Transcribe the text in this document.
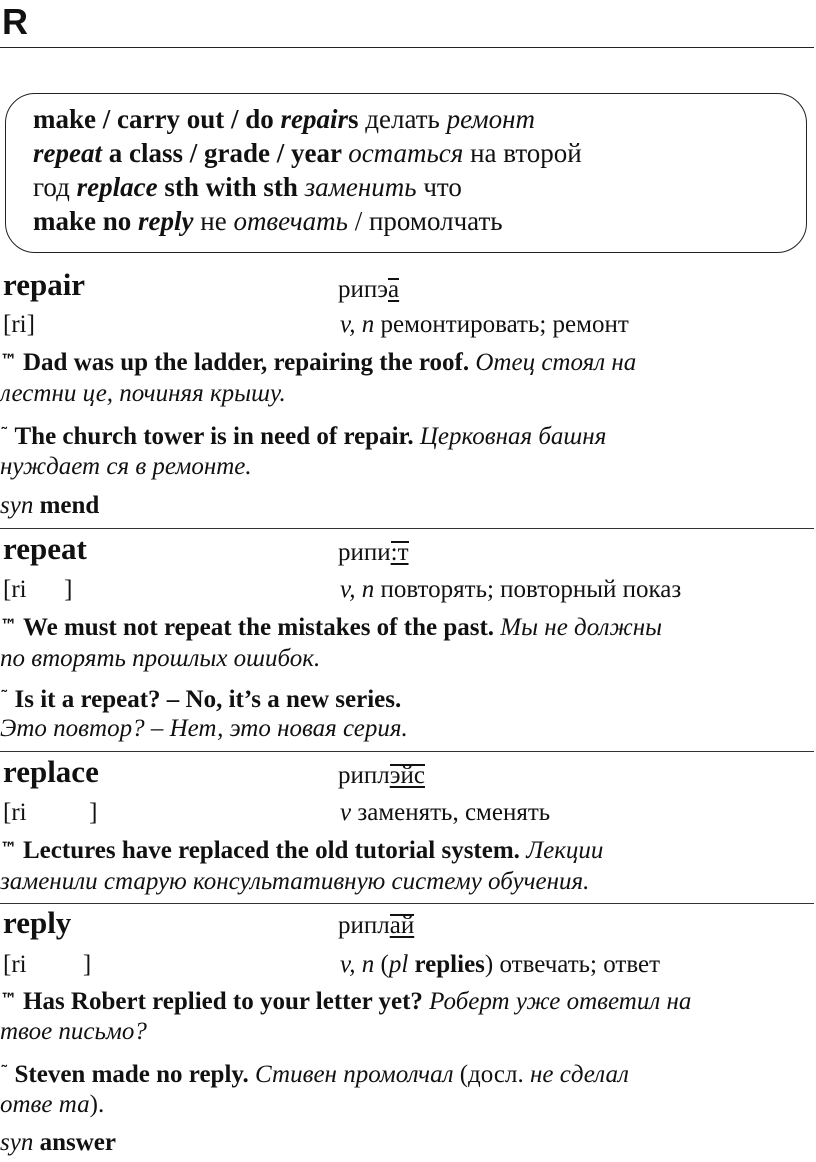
R
make / carry out / do repairs делать ремонт
repeat a class / grade / year остаться на второй
год replace sth with sth заменить что
make no reply не отвечать / промолчать
repair	рипэа
[ri]	v, n ремонтировать; ремонт
™ Dad was up the ladder, repairing the roof. Отец стоял на
лестни це, починяя крышу.
˜ The church tower is in need of repair. Церковная башня
нуждает ся в ремонте.
syn mend
repeat	рипи:т
[ri      ]	v, n повторять; повторный показ
™ We must not repeat the mistakes of the past. Мы не должны
по вторять прошлых ошибок.
˜ Is it a repeat? – No, it’s a new series.
Это повтор? – Нет, это новая серия.
replace	риплэйс
[ri          ]	v заменять, сменять
™ Lectures have replaced the old tutorial system. Лекции
заменили старую консультативную систему обучения.
reply	риплай
[ri         ]	v, n (pl replies) отвечать; ответ
™ Has Robert replied to your letter yet? Роберт уже ответил на
твое письмо?
˜ Steven made no reply. Стивен промолчал (досл. не сделал
отве та).
syn answer
